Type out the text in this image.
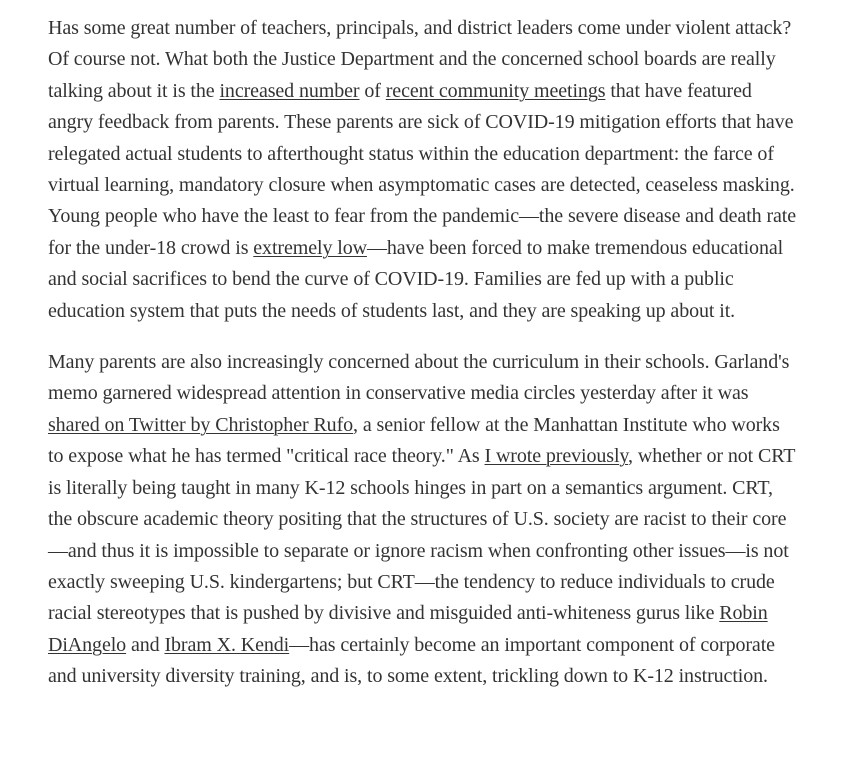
Has some great number of teachers, principals, and district leaders come under violent attack? Of course not. What both the Justice Department and the concerned school boards are really talking about it is the increased number of recent community meetings that have featured angry feedback from parents. These parents are sick of COVID-19 mitigation efforts that have relegated actual students to afterthought status within the education department: the farce of virtual learning, mandatory closure when asymptomatic cases are detected, ceaseless masking. Young people who have the least to fear from the pandemic—the severe disease and death rate for the under-18 crowd is extremely low—have been forced to make tremendous educational and social sacrifices to bend the curve of COVID-19. Families are fed up with a public education system that puts the needs of students last, and they are speaking up about it.

Many parents are also increasingly concerned about the curriculum in their schools. Garland's memo garnered widespread attention in conservative media circles yesterday after it was shared on Twitter by Christopher Rufo, a senior fellow at the Manhattan Institute who works to expose what he has termed "critical race theory." As I wrote previously, whether or not CRT is literally being taught in many K-12 schools hinges in part on a semantics argument. CRT, the obscure academic theory positing that the structures of U.S. society are racist to their core—and thus it is impossible to separate or ignore racism when confronting other issues—is not exactly sweeping U.S. kindergartens; but CRT—the tendency to reduce individuals to crude racial stereotypes that is pushed by divisive and misguided anti-whiteness gurus like Robin DiAngelo and Ibram X. Kendi—has certainly become an important component of corporate and university diversity training, and is, to some extent, trickling down to K-12 instruction.
